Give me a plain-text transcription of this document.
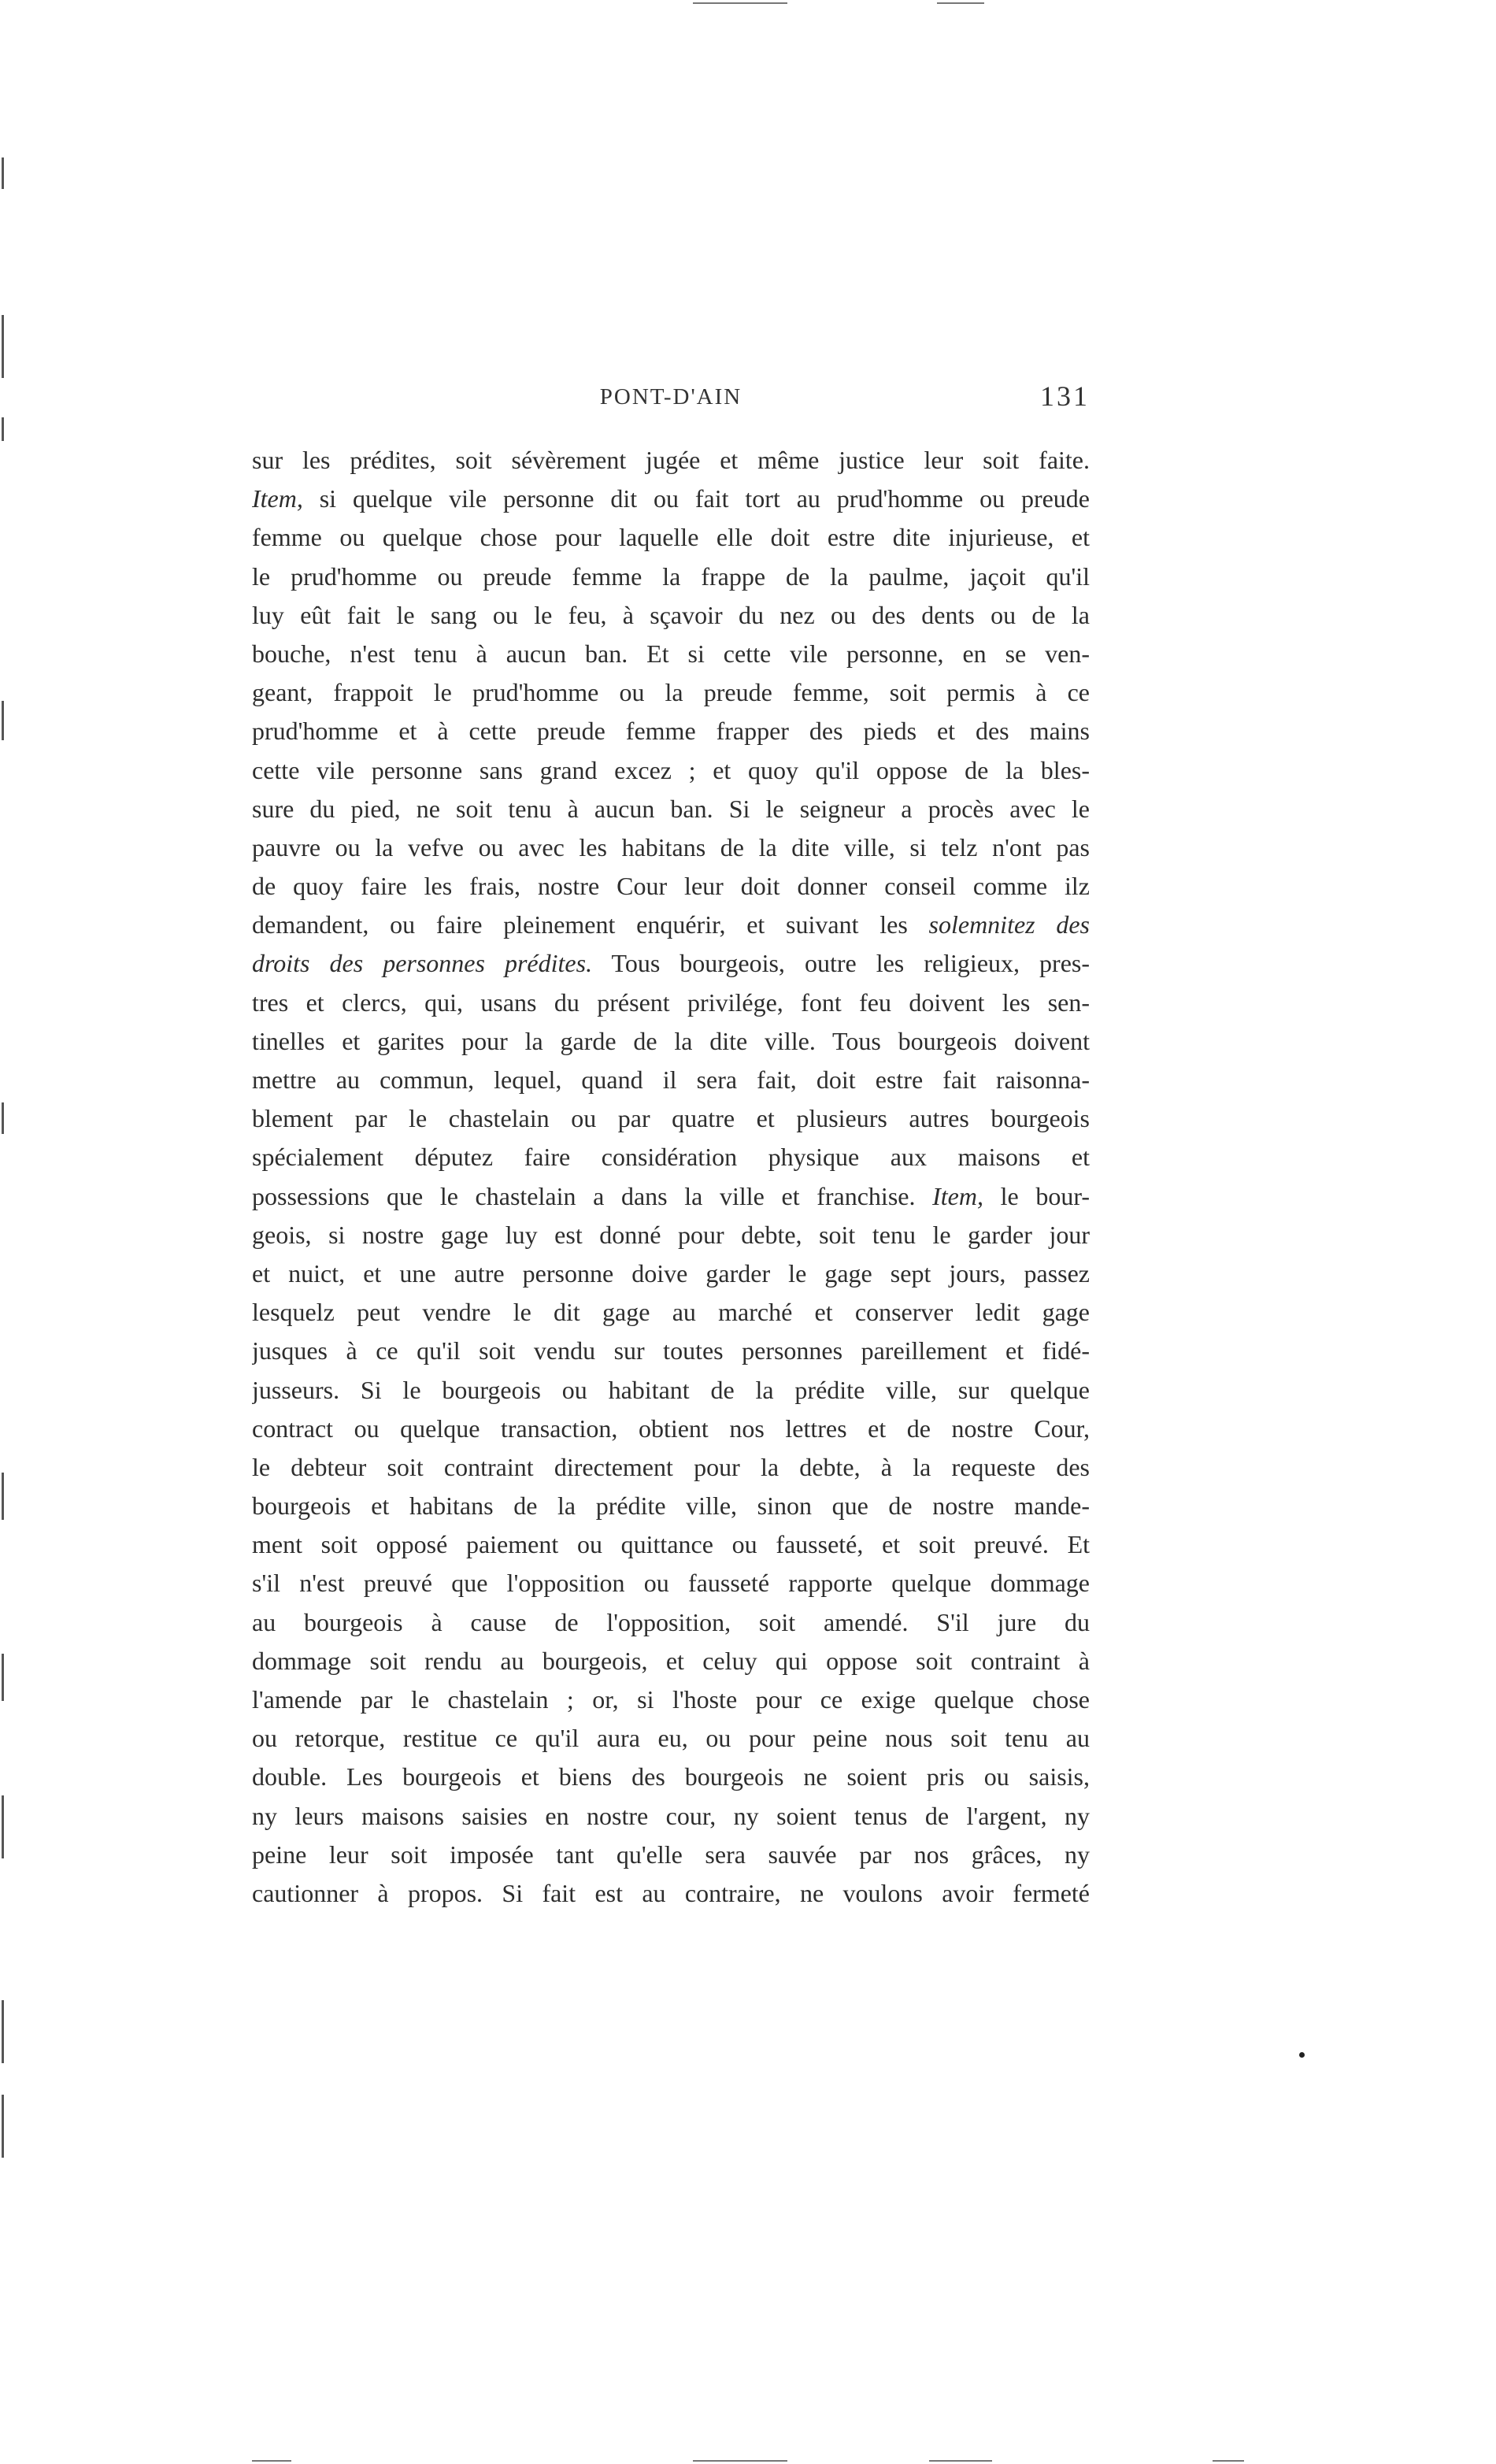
PONT-D'AIN	131
sur les prédites, soit sévèrement jugée et même justice leur soit faite.
Item, si quelque vile personne dit ou fait tort au prud'homme ou preude
femme ou quelque chose pour laquelle elle doit estre dite injurieuse, et
le prud'homme ou preude femme la frappe de la paulme, jaçoit qu'il
luy eût fait le sang ou le feu, à sçavoir du nez ou des dents ou de la
bouche, n'est tenu à aucun ban. Et si cette vile personne, en se ven-
geant, frappoit le prud'homme ou la preude femme, soit permis à ce
prud'homme et à cette preude femme frapper des pieds et des mains
cette vile personne sans grand excez ; et quoy qu'il oppose de la bles-
sure du pied, ne soit tenu à aucun ban. Si le seigneur a procès avec le
pauvre ou la vefve ou avec les habitans de la dite ville, si telz n'ont pas
de quoy faire les frais, nostre Cour leur doit donner conseil comme ilz
demandent, ou faire pleinement enquérir, et suivant les solemnitez des
droits des personnes prédites. Tous bourgeois, outre les religieux, pres-
tres et clercs, qui, usans du présent privilége, font feu doivent les sen-
tinelles et garites pour la garde de la dite ville. Tous bourgeois doivent
mettre au commun, lequel, quand il sera fait, doit estre fait raisonna-
blement par le chastelain ou par quatre et plusieurs autres bourgeois
spécialement députez faire considération physique aux maisons et
possessions que le chastelain a dans la ville et franchise. Item, le bour-
geois, si nostre gage luy est donné pour debte, soit tenu le garder jour
et nuict, et une autre personne doive garder le gage sept jours, passez
lesquelz peut vendre le dit gage au marché et conserver ledit gage
jusques à ce qu'il soit vendu sur toutes personnes pareillement et fidé-
jusseurs. Si le bourgeois ou habitant de la prédite ville, sur quelque
contract ou quelque transaction, obtient nos lettres et de nostre Cour,
le debteur soit contraint directement pour la debte, à la requeste des
bourgeois et habitans de la prédite ville, sinon que de nostre mande-
ment soit opposé paiement ou quittance ou fausseté, et soit preuvé. Et
s'il n'est preuvé que l'opposition ou fausseté rapporte quelque dommage
au bourgeois à cause de l'opposition, soit amendé. S'il jure du
dommage soit rendu au bourgeois, et celuy qui oppose soit contraint à
l'amende par le chastelain ; or, si l'hoste pour ce exige quelque chose
ou retorque, restitue ce qu'il aura eu, ou pour peine nous soit tenu au
double. Les bourgeois et biens des bourgeois ne soient pris ou saisis,
ny leurs maisons saisies en nostre cour, ny soient tenus de l'argent, ny
peine leur soit imposée tant qu'elle sera sauvée par nos grâces, ny
cautionner à propos. Si fait est au contraire, ne voulons avoir fermeté
